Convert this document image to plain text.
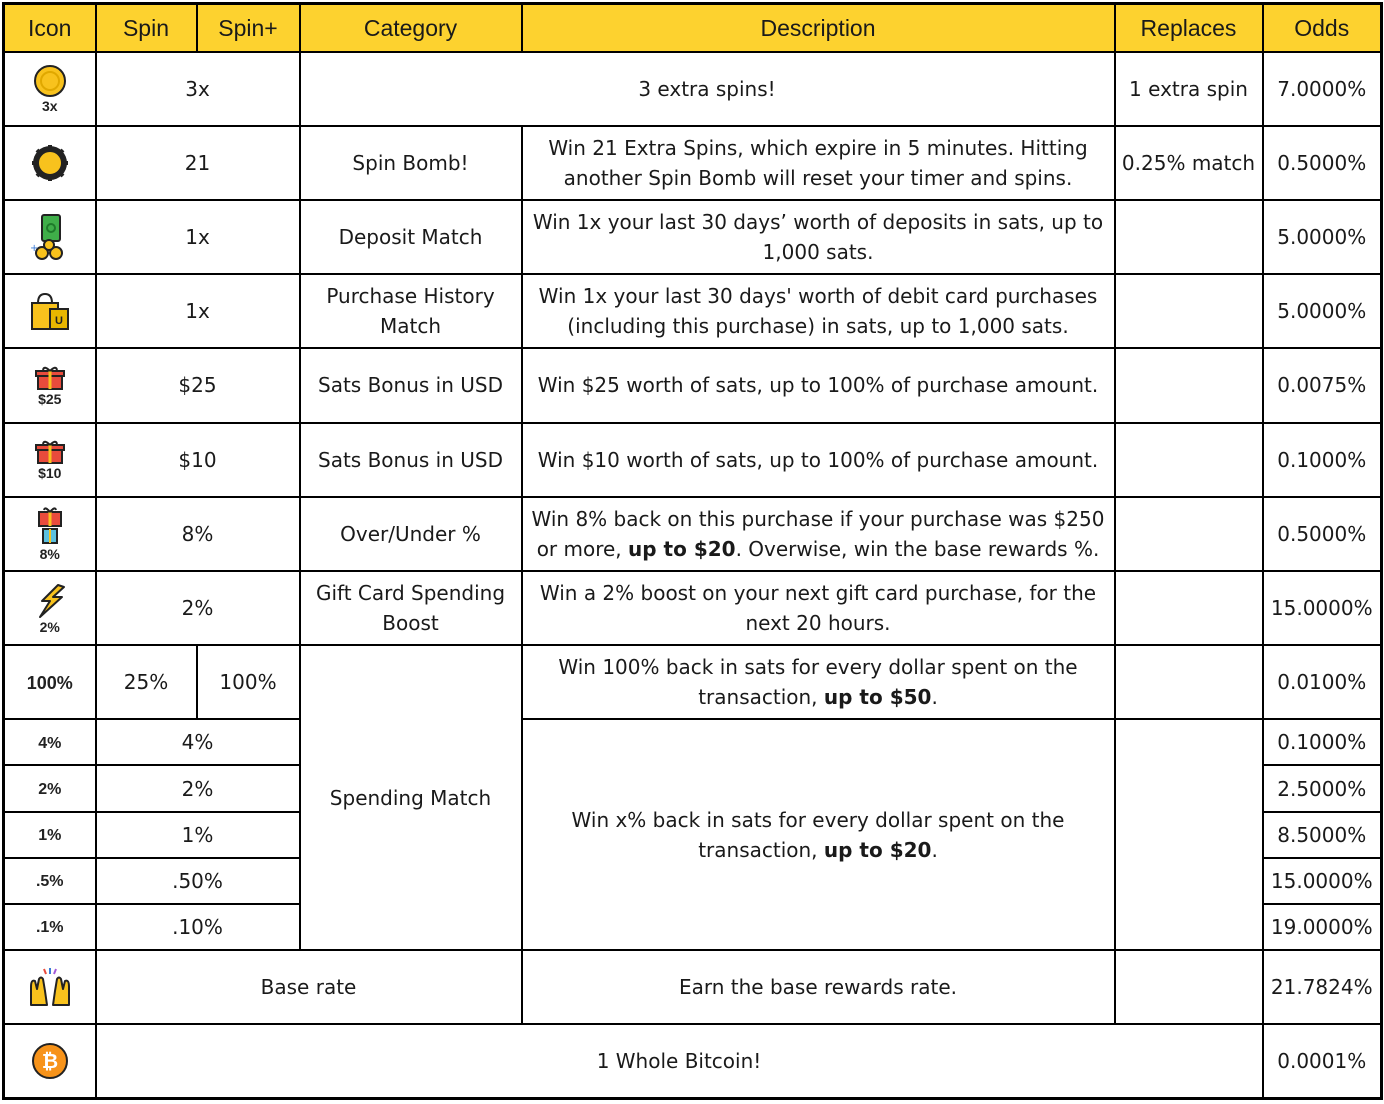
Icon	Spin	Spin+	Category	Description	Replaces	Odds

3x	3x		3 extra spins!		1 extra spin	7.0000%

	21		Spin Bomb!	Win 21 Extra Spins, which expire in 5 minutes. Hitting another Spin Bomb will reset your timer and spins.	0.25% match	0.5000%

+	1x		Deposit Match	Win 1x your last 30 days’ worth of deposits in sats, up to 1,000 sats.		5.0000%

U	1x		Purchase History Match	Win 1x your last 30 days' worth of debit card purchases (including this purchase) in sats, up to 1,000 sats.		5.0000%

$25	$25		Sats Bonus in USD	Win $25 worth of sats, up to 100% of purchase amount.		0.0075%

$10	$10		Sats Bonus in USD	Win $10 worth of sats, up to 100% of purchase amount.		0.1000%

8%	8%		Over/Under %	Win 8% back on this purchase if your purchase was $250 or more, up to $20. Overwise, win the base rewards %.		0.5000%

2%	2%		Gift Card Spending Boost	Win a 2% boost on your next gift card purchase, for the next 20 hours.		15.0000%
100%	25%	100%	Spending Match	Win 100% back in sats for every dollar spent on the transaction, up to $50.		0.0100%
4%	4%			Win x% back in sats for every dollar spent on the transaction, up to $20.		0.1000%
2%	2%					2.5000%
1%	1%					8.5000%
.5%	.50%					15.0000%
.1%	.10%					19.0000%

	Base rate			Earn the base rewards rate.		21.7824%

₿	1 Whole Bitcoin!					0.0001%
